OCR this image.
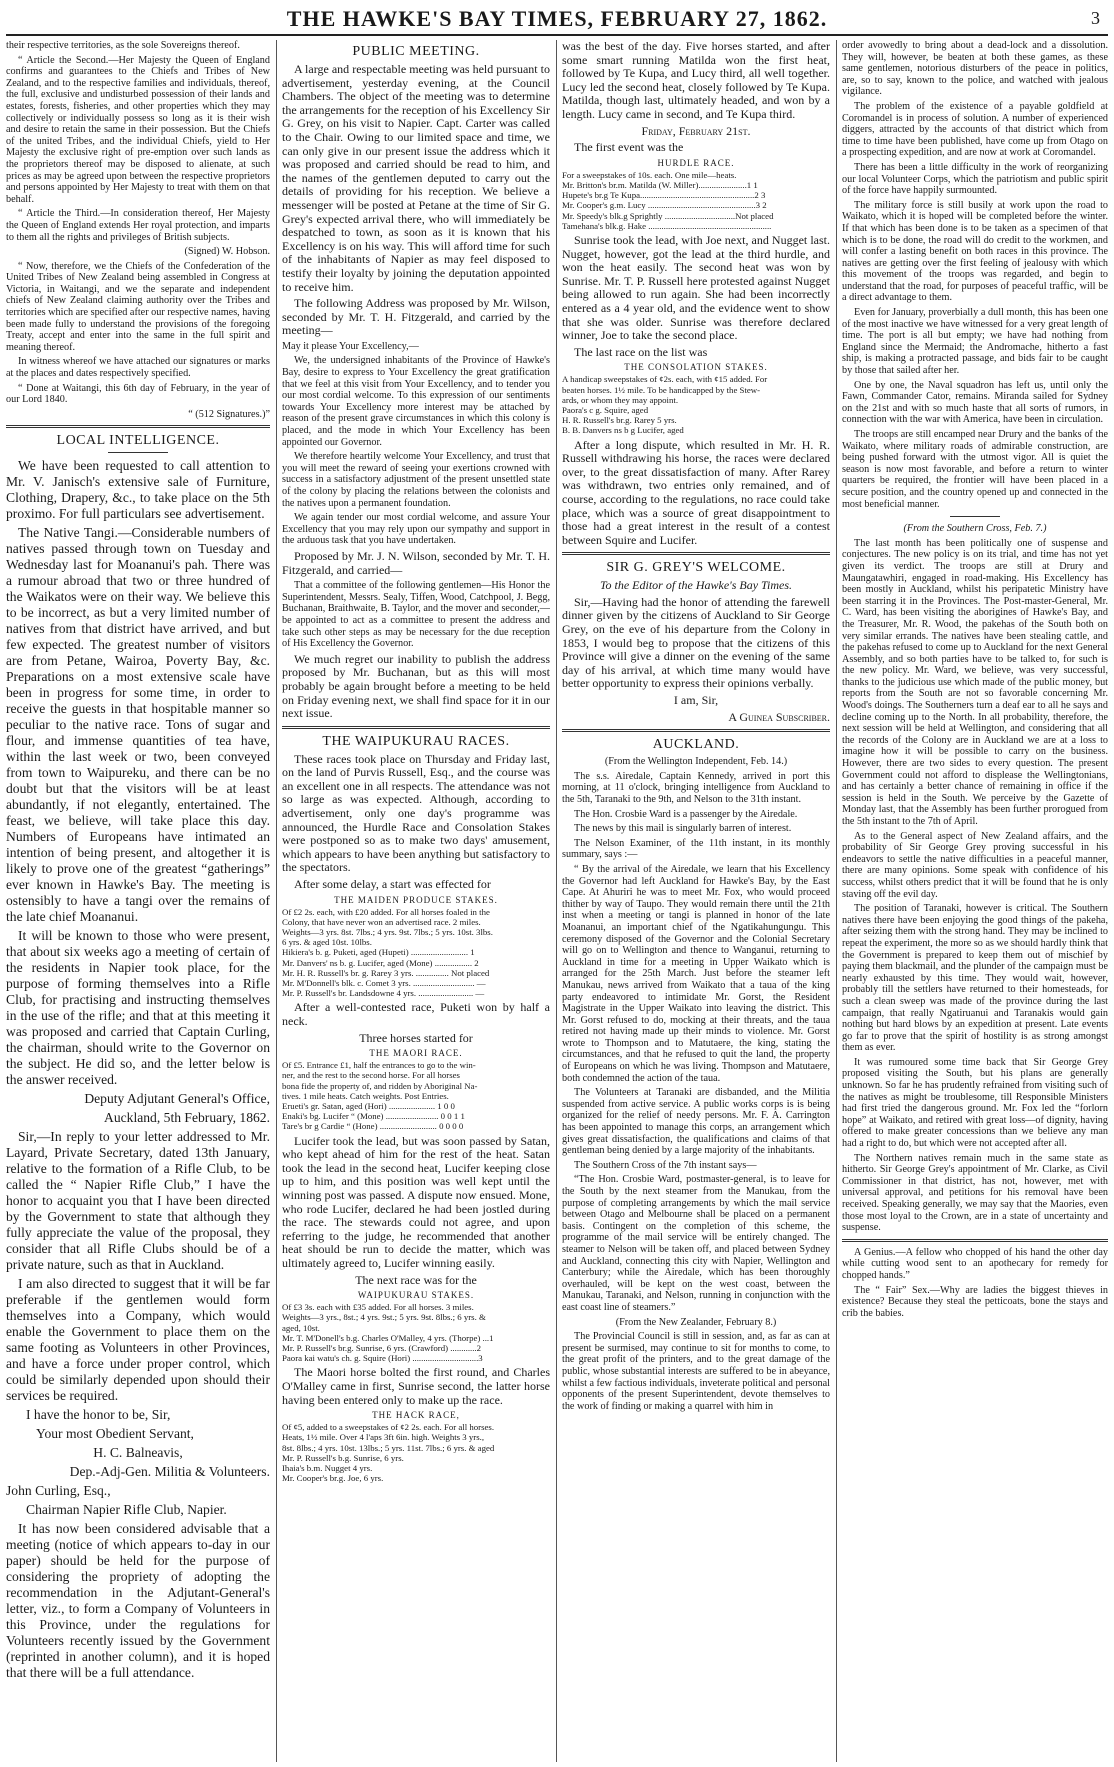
THE HAWKE'S BAY TIMES, FEBRUARY 27, 1862.	3

their respective territories, as the sole Sovereigns thereof.

“ Article the Second.—Her Majesty the Queen of England confirms and guarantees to the Chiefs and Tribes of New Zealand, and to the respective families and individuals, thereof, the full, exclusive and undisturbed possession of their lands and estates, forests, fisheries, and other properties which they may collectively or individually possess so long as it is their wish and desire to retain the same in their possession. But the Chiefs of the united Tribes, and the individual Chiefs, yield to Her Majesty the exclusive right of pre-emption over such lands as the proprietors thereof may be disposed to alienate, at such prices as may be agreed upon between the respective proprietors and persons appointed by Her Majesty to treat with them on that behalf.

“ Article the Third.—In consideration thereof, Her Majesty the Queen of England extends Her royal protection, and imparts to them all the rights and privileges of British subjects.

(Signed) W. Hobson.

“ Now, therefore, we the Chiefs of the Confederation of the United Tribes of New Zealand being assembled in Congress at Victoria, in Waitangi, and we the separate and independent chiefs of New Zealand claiming authority over the Tribes and territories which are specified after our respective names, having been made fully to understand the provisions of the foregoing Treaty, accept and enter into the same in the full spirit and meaning thereof.

In witness whereof we have attached our signatures or marks at the places and dates respectively specified.

“ Done at Waitangi, this 6th day of February, in the year of our Lord 1840.

“ (512 Signatures.)”

LOCAL INTELLIGENCE.

We have been requested to call attention to Mr. V. Janisch's extensive sale of Furniture, Clothing, Drapery, &c., to take place on the 5th proximo. For full particulars see advertisement.

The Native Tangi.—Considerable numbers of natives passed through town on Tuesday and Wednesday last for Moananui's pah. There was a rumour abroad that two or three hundred of the Waikatos were on their way. We believe this to be incorrect, as but a very limited number of natives from that district have arrived, and but few expected. The greatest number of visitors are from Petane, Wairoa, Poverty Bay, &c. Preparations on a most extensive scale have been in progress for some time, in order to receive the guests in that hospitable manner so peculiar to the native race. Tons of sugar and flour, and immense quantities of tea have, within the last week or two, been conveyed from town to Waipureku, and there can be no doubt but that the visitors will be at least abundantly, if not elegantly, entertained. The feast, we believe, will take place this day. Numbers of Europeans have intimated an intention of being present, and altogether it is likely to prove one of the greatest “gatherings” ever known in Hawke's Bay. The meeting is ostensibly to have a tangi over the remains of the late chief Moananui.

It will be known to those who were present, that about six weeks ago a meeting of certain of the residents in Napier took place, for the purpose of forming themselves into a Rifle Club, for practising and instructing themselves in the use of the rifle; and that at this meeting it was proposed and carried that Captain Curling, the chairman, should write to the Governor on the subject. He did so, and the letter below is the answer received.

Deputy Adjutant General's Office,

Auckland, 5th February, 1862.

Sir,—In reply to your letter addressed to Mr. Layard, Private Secretary, dated 13th January, relative to the formation of a Rifle Club, to be called the “ Napier Rifle Club,” I have the honor to acquaint you that I have been directed by the Government to state that although they fully appreciate the value of the proposal, they consider that all Rifle Clubs should be of a private nature, such as that in Auckland.

I am also directed to suggest that it will be far preferable if the gentlemen would form themselves into a Company, which would enable the Government to place them on the same footing as Volunteers in other Provinces, and have a force under proper control, which could be similarly depended upon should their services be required.

I have the honor to be, Sir,

Your most Obedient Servant,

H. C. Balneavis,

Dep.-Adj-Gen. Militia & Volunteers.

John Curling, Esq.,

Chairman Napier Rifle Club, Napier.

It has now been considered advisable that a meeting (notice of which appears to-day in our paper) should be held for the purpose of considering the propriety of adopting the recommendation in the Adjutant-General's letter, viz., to form a Company of Volunteers in this Province, under the regulations for Volunteers recently issued by the Government (reprinted in another column), and it is hoped that there will be a full attendance.

PUBLIC MEETING.

A large and respectable meeting was held pursuant to advertisement, yesterday evening, at the Council Chambers. The object of the meeting was to determine the arrangements for the reception of his Excellency Sir G. Grey, on his visit to Napier. Capt. Carter was called to the Chair. Owing to our limited space and time, we can only give in our present issue the address which it was proposed and carried should be read to him, and the names of the gentlemen deputed to carry out the details of providing for his reception. We believe a messenger will be posted at Petane at the time of Sir G. Grey's expected arrival there, who will immediately be despatched to town, as soon as it is known that his Excellency is on his way. This will afford time for such of the inhabitants of Napier as may feel disposed to testify their loyalty by joining the deputation appointed to receive him.

The following Address was proposed by Mr. Wilson, seconded by Mr. T. H. Fitzgerald, and carried by the meeting—

May it please Your Excellency,—

We, the undersigned inhabitants of the Province of Hawke's Bay, desire to express to Your Excellency the great gratification that we feel at this visit from Your Excellency, and to tender you our most cordial welcome. To this expression of our sentiments towards Your Excellency more interest may be attached by reason of the present grave circumstances in which this colony is placed, and the mode in which Your Excellency has been appointed our Governor.

We therefore heartily welcome Your Excellency, and trust that you will meet the reward of seeing your exertions crowned with success in a satisfactory adjustment of the present unsettled state of the colony by placing the relations between the colonists and the natives upon a permanent foundation.

We again tender our most cordial welcome, and assure Your Excellency that you may rely upon our sympathy and support in the arduous task that you have undertaken.

Proposed by Mr. J. N. Wilson, seconded by Mr. T. H. Fitzgerald, and carried—

That a committee of the following gentlemen—His Honor the Superintendent, Messrs. Sealy, Tiffen, Wood, Catchpool, J. Begg, Buchanan, Braithwaite, B. Taylor, and the mover and seconder,—be appointed to act as a committee to present the address and take such other steps as may be necessary for the due reception of His Excellency the Governor.

We much regret our inability to publish the address proposed by Mr. Buchanan, but as this will most probably be again brought before a meeting to be held on Friday evening next, we shall find space for it in our next issue.

THE WAIPUKURAU RACES.

These races took place on Thursday and Friday last, on the land of Purvis Russell, Esq., and the course was an excellent one in all respects. The attendance was not so large as was expected. Although, according to advertisement, only one day's programme was announced, the Hurdle Race and Consolation Stakes were postponed so as to make two days' amusement, which appears to have been anything but satisfactory to the spectators.

After some delay, a start was effected for

THE MAIDEN PRODUCE STAKES.
Of £2 2s. each, with £20 added. For all horses foaled in the
Colony, that have never won an advertised race. 2 miles.
Weights—3 yrs. 8st. 7lbs.; 4 yrs. 9st. 7lbs.; 5 yrs. 10st. 3lbs.
6 yrs. & aged 10st. 10lbs.
Hikiera's b. g. Puketi, aged (Hupeti) .......................... 1
Mr. Danvers' ns b. g. Lucifer, aged (Mone) ................. 2
Mr. H. R. Russell's br. g. Rarey 3 yrs. ............... Not placed
Mr. M'Donnell's blk. c. Comet 3 yrs. ............................ —
Mr. P. Russell's br. Landsdowne 4 yrs. ......................... —

After a well-contested race, Puketi won by half a neck.

Three horses started for

THE MAORI RACE.
Of £5. Entrance £1, half the entrances to go to the win-
ner, and the rest to the second horse. For all horses
bona fide the property of, and ridden by Aboriginal Na-
tives. 1 mile heats. Catch weights. Post Entries.
Erueti's gr. Satan, aged (Hori) ..................... 1 0 0
Enaki's bg. Lucifer “ (Mone) ........................ 0 0 1 1
Tare's br g Cardie “ (Hone) .......................... 0 0 0 0

Lucifer took the lead, but was soon passed by Satan, who kept ahead of him for the rest of the heat. Satan took the lead in the second heat, Lucifer keeping close up to him, and this position was well kept until the winning post was passed. A dispute now ensued. Mone, who rode Lucifer, declared he had been jostled during the race. The stewards could not agree, and upon referring to the judge, he recommended that another heat should be run to decide the matter, which was ultimately agreed to, Lucifer winning easily.

The next race was for the

WAIPUKURAU STAKES.
Of £3 3s. each with £35 added. For all horses. 3 miles.
Weights—3 yrs., 8st.; 4 yrs. 9st.; 5 yrs. 9st. 8lbs.; 6 yrs. &
aged, 10st.
Mr. T. M'Donell's b.g. Charles O'Malley, 4 yrs. (Thorpe) ...1
Mr. P. Russell's br.g. Sunrise, 6 yrs. (Crawford) ............2
Paora kai watu's ch. g. Squire (Hori) ..............................3

The Maori horse bolted the first round, and Charles O'Malley came in first, Sunrise second, the latter horse having been entered only to make up the race.

THE HACK RACE,
Of ¢5, added to a sweepstakes of ¢2 2s. each. For all horses.
Heats, 1½ mile. Over 4 l'aps 3ft 6in. high. Weights 3 yrs.,
8st. 8lbs.; 4 yrs. 10st. 13lbs.; 5 yrs. 11st. 7lbs.; 6 yrs. & aged
Mr. P. Russell's b.g. Sunrise, 6 yrs.
Ihaia's b.m. Nugget 4 yrs.
Mr. Cooper's br.g. Joe, 6 yrs.

was the best of the day. Five horses started, and after some smart running Matilda won the first heat, followed by Te Kupa, and Lucy third, all well together. Lucy led the second heat, closely followed by Te Kupa. Matilda, though last, ultimately headed, and won by a length. Lucy came in second, and Te Kupa third.

Friday, February 21st.

The first event was the

HURDLE RACE.
For a sweepstakes of 10s. each. One mile—heats.
Mr. Britton's br.m. Matilda (W. Miller)......................1 1
Hupete's br.g Te Kupa....................................................2 3
Mr. Cooper's g.m. Lucy .................................................3 2
Mr. Speedy's blk.g Sprightly ................................Not placed
Tamehana's blk.g. Hake ........................................................

Sunrise took the lead, with Joe next, and Nugget last. Nugget, however, got the lead at the third hurdle, and won the heat easily. The second heat was won by Sunrise. Mr. T. P. Russell here protested against Nugget being allowed to run again. She had been incorrectly entered as a 4 year old, and the evidence went to show that she was older. Sunrise was therefore declared winner, Joe to take the second place.

The last race on the list was

THE CONSOLATION STAKES.
A handicap sweepstakes of ¢2s. each, with ¢15 added. For
beaten horses. 1½ mile. To be handicapped by the Stew-
ards, or whom they may appoint.
Paora's c g. Squire, aged
H. R. Russell's br.g. Rarey 5 yrs.
B. B. Danvers ns b g Lucifer, aged

After a long dispute, which resulted in Mr. H. R. Russell withdrawing his horse, the races were declared over, to the great dissatisfaction of many. After Rarey was withdrawn, two entries only remained, and of course, according to the regulations, no race could take place, which was a source of great disappointment to those had a great interest in the result of a contest between Squire and Lucifer.

SIR G. GREY'S WELCOME.

To the Editor of the Hawke's Bay Times.

Sir,—Having had the honor of attending the farewell dinner given by the citizens of Auckland to Sir George Grey, on the eve of his departure from the Colony in 1853, I would beg to propose that the citizens of this Province will give a dinner on the evening of the same day of his arrival, at which time many would have better opportunity to express their opinions verbally.

I am, Sir,

A Guinea Subscriber.

AUCKLAND.

(From the Wellington Independent, Feb. 14.)

The s.s. Airedale, Captain Kennedy, arrived in port this morning, at 11 o'clock, bringing intelligence from Auckland to the 5th, Taranaki to the 9th, and Nelson to the 31th instant.

The Hon. Crosbie Ward is a passenger by the Airedale.

The news by this mail is singularly barren of interest.

The Nelson Examiner, of the 11th instant, in its monthly summary, says :—

“ By the arrival of the Airedale, we learn that his Excellency the Governor had left Auckland for Hawke's Bay, by the East Cape. At Ahuriri he was to meet Mr. Fox, who would proceed thither by way of Taupo. They would remain there until the 21th inst when a meeting or tangi is planned in honor of the late Moananui, an important chief of the Ngatikahungungu. This ceremony disposed of the Governor and the Colonial Secretary will go on to Wellington and thence to Wanganui, returning to Auckland in time for a meeting in Upper Waikato which is arranged for the 25th March. Just before the steamer left Manukau, news arrived from Waikato that a taua of the king party endeavored to intimidate Mr. Gorst, the Resident Magistrate in the Upper Waikato into leaving the district. This Mr. Gorst refused to do, mocking at their threats, and the taua retired not having made up their minds to violence. Mr. Gorst wrote to Thompson and to Matutaere, the king, stating the circumstances, and that he refused to quit the land, the property of Europeans on which he was living. Thompson and Matutaere, both condemned the action of the taua.

The Volunteers at Taranaki are disbanded, and the Militia suspended from active service. A public works corps is is being organized for the relief of needy persons. Mr. F. A. Carrington has been appointed to manage this corps, an arrangement which gives great dissatisfaction, the qualifications and claims of that gentleman being denied by a large majority of the inhabitants.

The Southern Cross of the 7th instant says—

“The Hon. Crosbie Ward, postmaster-general, is to leave for the South by the next steamer from the Manukau, from the purpose of completing arrangements by which the mail service between Otago and Melbourne shall be placed on a permanent basis. Contingent on the completion of this scheme, the programme of the mail service will be entirely changed. The steamer to Nelson will be taken off, and placed between Sydney and Auckland, connecting this city with Napier, Wellington and Canterbury; while the Airedale, which has been thoroughly overhauled, will be kept on the west coast, between the Manukau, Taranaki, and Nelson, running in conjunction with the east coast line of steamers.”

(From the New Zealander, February 8.)

The Provincial Council is still in session, and, as far as can at present be surmised, may continue to sit for months to come, to the great profit of the printers, and to the great damage of the public, whose substantial interests are suffered to be in abeyance, whilst a few factious individuals, inveterate political and personal opponents of the present Superintendent, devote themselves to the work of finding or making a quarrel with him in

order avowedly to bring about a dead-lock and a dissolution. They will, however, be beaten at both these games, as these same gentlemen, notorious disturbers of the peace in politics, are, so to say, known to the police, and watched with jealous vigilance.

The problem of the existence of a payable goldfield at Coromandel is in process of solution. A number of experienced diggers, attracted by the accounts of that district which from time to time have been published, have come up from Otago on a prospecting expedition, and are now at work at Coromandel.

There has been a little difficulty in the work of reorganizing our local Volunteer Corps, which the patriotism and public spirit of the force have happily surmounted.

The military force is still busily at work upon the road to Waikato, which it is hoped will be completed before the winter. If that which has been done is to be taken as a specimen of that which is to be done, the road will do credit to the workmen, and will confer a lasting benefit on both races in this province. The natives are getting over the first feeling of jealousy with which this movement of the troops was regarded, and begin to understand that the road, for purposes of peaceful traffic, will be a direct advantage to them.

Even for January, proverbially a dull month, this has been one of the most inactive we have witnessed for a very great length of time. The port is all but empty; we have had nothing from England since the Mermaid; the Andromache, hitherto a fast ship, is making a protracted passage, and bids fair to be caught by those that sailed after her.

One by one, the Naval squadron has left us, until only the Fawn, Commander Cator, remains. Miranda sailed for Sydney on the 21st and with so much haste that all sorts of rumors, in connection with the war with America, have been in circulation.

The troops are still encamped near Drury and the banks of the Waikato, where military roads of admirable construction, are being pushed forward with the utmost vigor. All is quiet the season is now most favorable, and before a return to winter quarters be required, the frontier will have been placed in a secure position, and the country opened up and connected in the most beneficial manner.

(From the Southern Cross, Feb. 7.)

The last month has been politically one of suspense and conjectures. The new policy is on its trial, and time has not yet given its verdict. The troops are still at Drury and Maungatawhiri, engaged in road-making. His Excellency has been mostly in Auckland, whilst his peripatetic Ministry have been starring it in the Provinces. The Post-master-General, Mr. C. Ward, has been visiting the aborigines of Hawke's Bay, and the Treasurer, Mr. R. Wood, the pakehas of the South both on very similar errands. The natives have been stealing cattle, and the pakehas refused to come up to Auckland for the next General Assembly, and so both parties have to be talked to, for such is the new policy. Mr. Ward, we believe, was very successful, thanks to the judicious use which made of the public money, but reports from the South are not so favorable concerning Mr. Wood's doings. The Southerners turn a deaf ear to all he says and decline coming up to the North. In all probability, therefore, the next session will be held at Wellington, and considering that all the records of the Colony are in Auckland we are at a loss to imagine how it will be possible to carry on the business. However, there are two sides to every question. The present Government could not afford to displease the Wellingtonians, and has certainly a better chance of remaining in office if the session is held in the South. We perceive by the Gazette of Monday last, that the Assembly has been further prorogued from the 5th instant to the 7th of April.

As to the General aspect of New Zealand affairs, and the probability of Sir George Grey proving successful in his endeavors to settle the native difficulties in a peaceful manner, there are many opinions. Some speak with confidence of his success, whilst others predict that it will be found that he is only staving off the evil day.

The position of Taranaki, however is critical. The Southern natives there have been enjoying the good things of the pakeha, after seizing them with the strong hand. They may be inclined to repeat the experiment, the more so as we should hardly think that the Government is prepared to keep them out of mischief by paying them blackmail, and the plunder of the campaign must be nearly exhausted by this time. They would wait, however, probably till the settlers have returned to their homesteads, for such a clean sweep was made of the province during the last campaign, that really Ngatiruanui and Taranakis would gain nothing but hard blows by an expedition at present. Late events go far to prove that the spirit of hostility is as strong amongst them as ever.

It was rumoured some time back that Sir George Grey proposed visiting the South, but his plans are generally unknown. So far he has prudently refrained from visiting such of the natives as might be troublesome, till Responsible Ministers had first tried the dangerous ground. Mr. Fox led the “forlorn hope” at Waikato, and retired with great loss—of dignity, having offered to make greater concessions than we believe any man had a right to do, but which were not accepted after all.

The Northern natives remain much in the same state as hitherto. Sir George Grey's appointment of Mr. Clarke, as Civil Commissioner in that district, has not, however, met with universal approval, and petitions for his removal have been received. Speaking generally, we may say that the Maories, even those most loyal to the Crown, are in a state of uncertainty and suspense.

A Genius.—A fellow who chopped of his hand the other day while cutting wood sent to an apothecary for remedy for chopped hands.”

The “ Fair” Sex.—Why are ladies the biggest thieves in existence? Because they steal the petticoats, bone the stays and crib the babies.
